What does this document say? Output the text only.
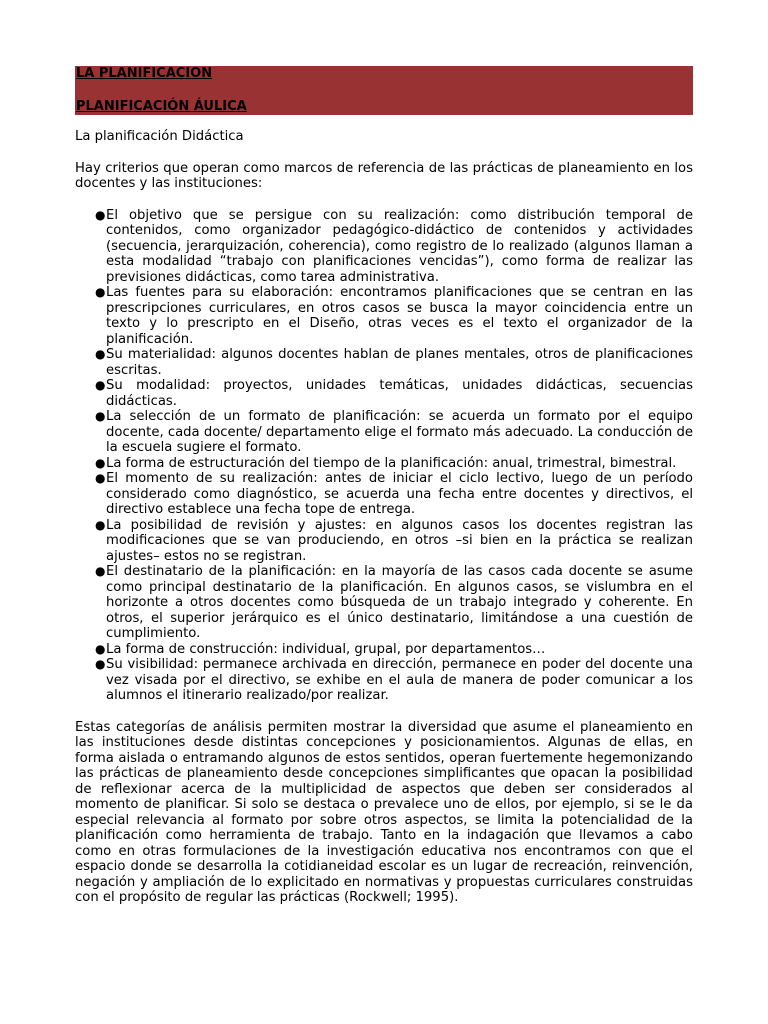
LA PLANIFICACION
PLANIFICACIÓN ÁULICA
La planificación Didáctica

Hay criterios que operan como marcos de referencia de las prácticas de planeamiento en los docentes y las instituciones:

● El objetivo que se persigue con su realización: como distribución temporal de contenidos, como organizador pedagógico-didáctico de contenidos y actividades (secuencia, jerarquización, coherencia), como registro de lo realizado (algunos llaman a esta modalidad “trabajo con planificaciones vencidas”), como forma de realizar las previsiones didácticas, como tarea administrativa.
● Las fuentes para su elaboración: encontramos planificaciones que se centran en las prescripciones curriculares, en otros casos se busca la mayor coincidencia entre un texto y lo prescripto en el Diseño, otras veces es el texto el organizador de la planificación.
● Su materialidad: algunos docentes hablan de planes mentales, otros de planificaciones escritas.
● Su modalidad: proyectos, unidades temáticas, unidades didácticas, secuencias didácticas.
● La selección de un formato de planificación: se acuerda un formato por el equipo docente, cada docente/ departamento elige el formato más adecuado. La conducción de la escuela sugiere el formato.
● La forma de estructuración del tiempo de la planificación: anual, trimestral, bimestral.
● El momento de su realización: antes de iniciar el ciclo lectivo, luego de un período considerado como diagnóstico, se acuerda una fecha entre docentes y directivos, el directivo establece una fecha tope de entrega.
● La posibilidad de revisión y ajustes: en algunos casos los docentes registran las modificaciones que se van produciendo, en otros –si bien en la práctica se realizan ajustes– estos no se registran.
● El destinatario de la planificación: en la mayoría de las casos cada docente se asume como principal destinatario de la planificación. En algunos casos, se vislumbra en el horizonte a otros docentes como búsqueda de un trabajo integrado y coherente. En otros, el superior jerárquico es el único destinatario, limitándose a una cuestión de cumplimiento.
● La forma de construcción: individual, grupal, por departamentos…
● Su visibilidad: permanece archivada en dirección, permanece en poder del docente una vez visada por el directivo, se exhibe en el aula de manera de poder comunicar a los alumnos el itinerario realizado/por realizar.

Estas categorías de análisis permiten mostrar la diversidad que asume el planeamiento en las instituciones desde distintas concepciones y posicionamientos. Algunas de ellas, en forma aislada o entramando algunos de estos sentidos, operan fuertemente hegemonizando las prácticas de planeamiento desde concepciones simplificantes que opacan la posibilidad de reflexionar acerca de la multiplicidad de aspectos que deben ser considerados al momento de planificar. Si solo se destaca o prevalece uno de ellos, por ejemplo, si se le da especial relevancia al formato por sobre otros aspectos, se limita la potencialidad de la planificación como herramienta de trabajo. Tanto en la indagación que llevamos a cabo como en otras formulaciones de la investigación educativa nos encontramos con que el espacio donde se desarrolla la cotidianeidad escolar es un lugar de recreación, reinvención, negación y ampliación de lo explicitado en normativas y propuestas curriculares construidas con el propósito de regular las prácticas (Rockwell; 1995).
